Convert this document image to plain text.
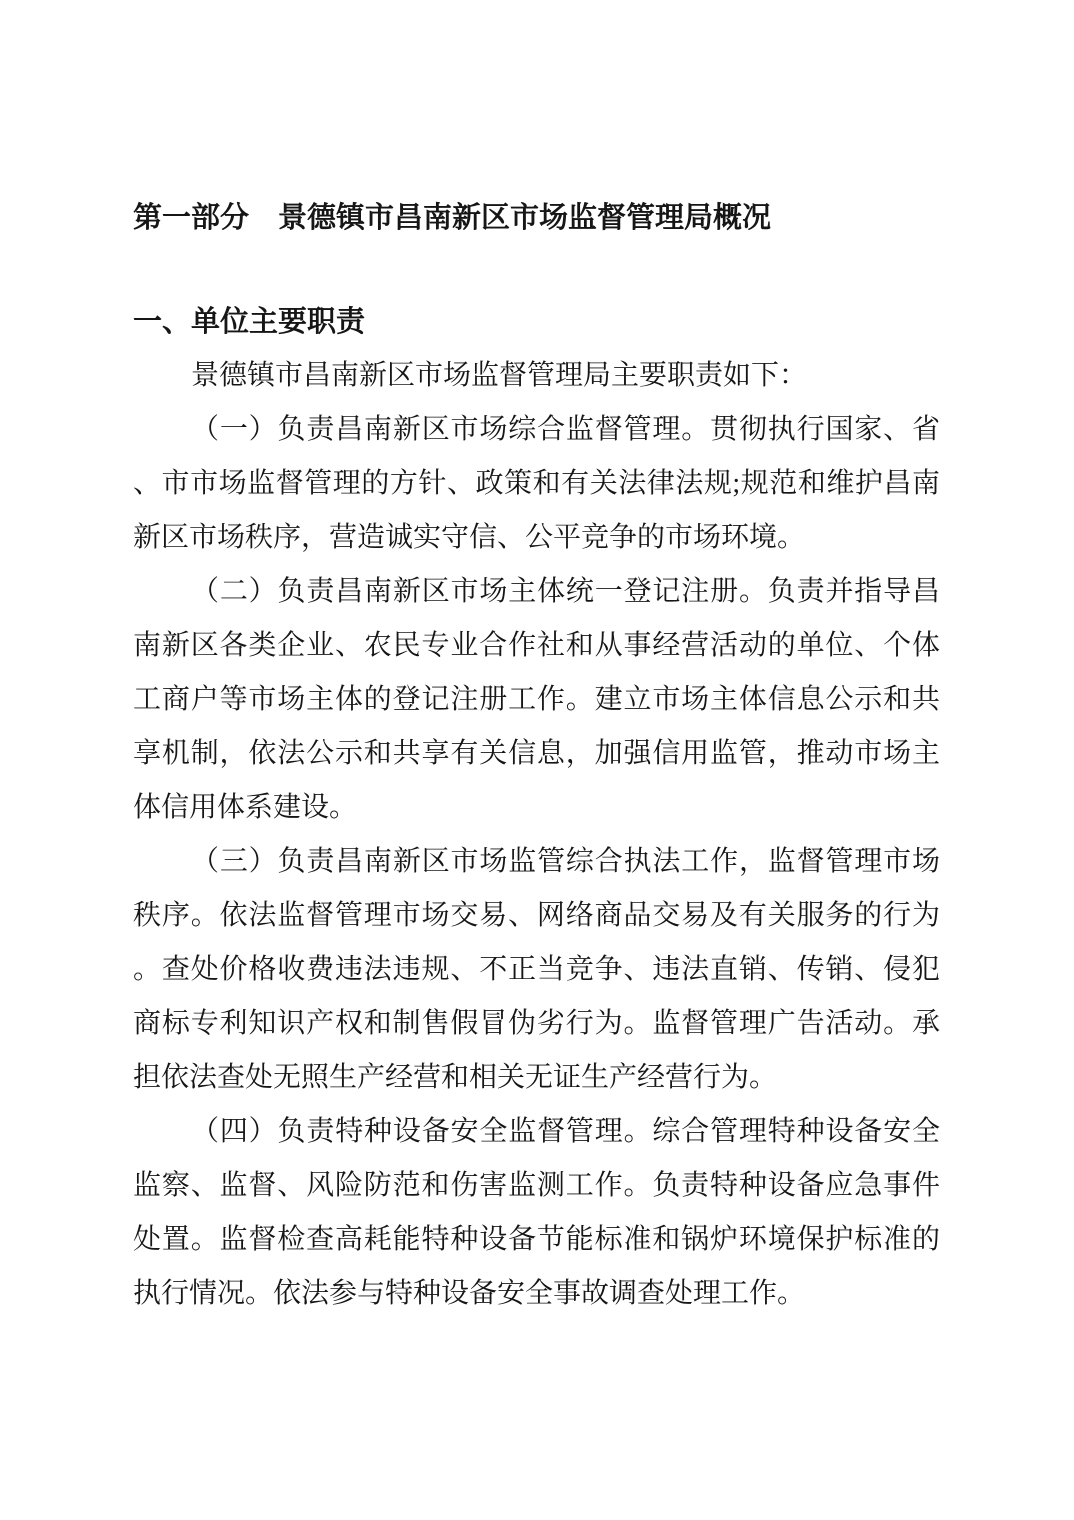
第一部分　景德镇市昌南新区市场监督管理局概况
一、单位主要职责
景德镇市昌南新区市场监督管理局主要职责如下：
（一）负责昌南新区市场综合监督管理。贯彻执行国家、省
、市市场监督管理的方针、政策和有关法律法规;规范和维护昌南
新区市场秩序，营造诚实守信、公平竞争的市场环境。
（二）负责昌南新区市场主体统一登记注册。负责并指导昌
南新区各类企业、农民专业合作社和从事经营活动的单位、个体
工商户等市场主体的登记注册工作。建立市场主体信息公示和共
享机制，依法公示和共享有关信息，加强信用监管，推动市场主
体信用体系建设。
（三）负责昌南新区市场监管综合执法工作，监督管理市场
秩序。依法监督管理市场交易、网络商品交易及有关服务的行为
。查处价格收费违法违规、不正当竞争、违法直销、传销、侵犯
商标专利知识产权和制售假冒伪劣行为。监督管理广告活动。承
担依法查处无照生产经营和相关无证生产经营行为。
（四）负责特种设备安全监督管理。综合管理特种设备安全
监察、监督、风险防范和伤害监测工作。负责特种设备应急事件
处置。监督检查高耗能特种设备节能标准和锅炉环境保护标准的
执行情况。依法参与特种设备安全事故调查处理工作。
